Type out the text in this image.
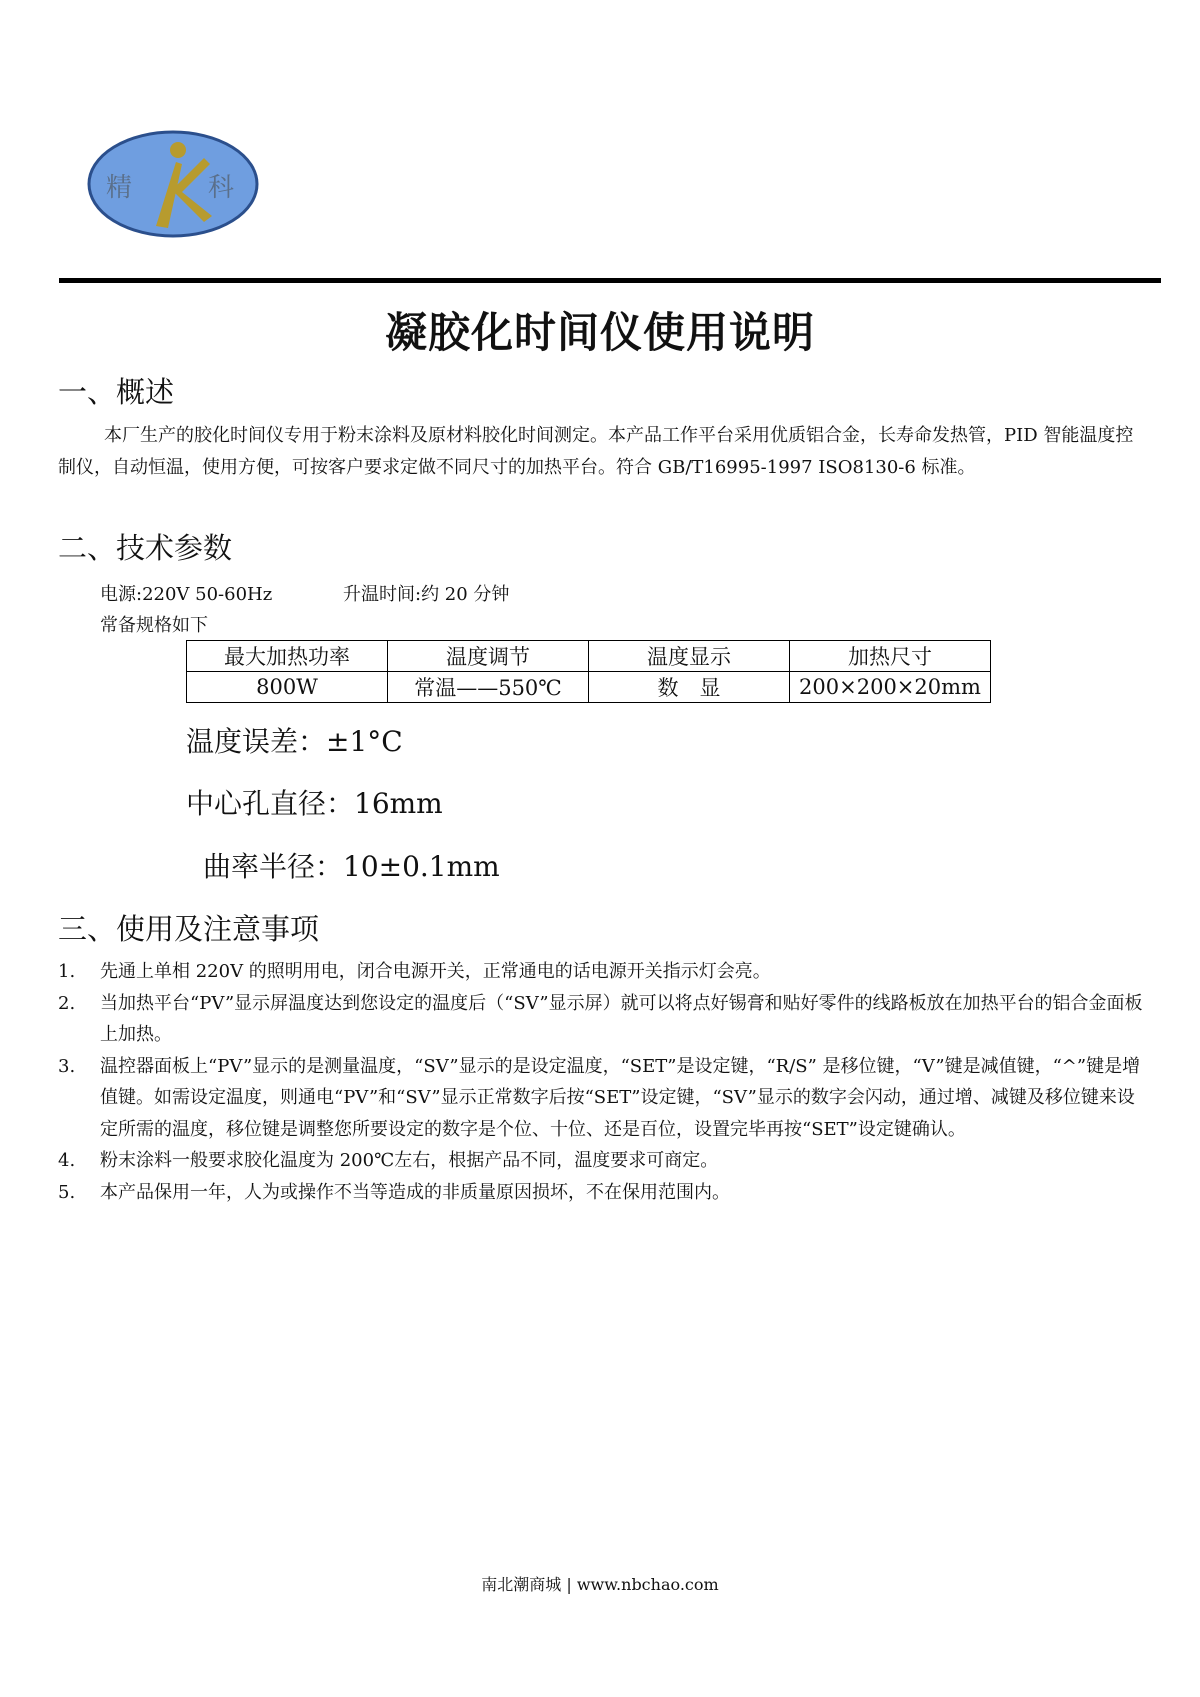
精	科
凝胶化时间仪使用说明
一、概述
本厂生产的胶化时间仪专用于粉末涂料及原材料胶化时间测定。本产品工作平台采用优质铝合金，长寿命发热管，PID 智能温度控制仪，自动恒温，使用方便，可按客户要求定做不同尺寸的加热平台。符合 GB/T16995-1997 ISO8130-6 标准。
二、技术参数
电源:220V 50-60Hz	升温时间:约 20 分钟
常备规格如下
最大加热功率	温度调节	温度显示	加热尺寸
800W	常温——550℃	数　显	200×200×20mm
温度误差：±1°C
中心孔直径：16mm
曲率半径：10±0.1mm
三、使用及注意事项
1. 先通上单相 220V 的照明用电，闭合电源开关，正常通电的话电源开关指示灯会亮。
2. 当加热平台“PV”显示屏温度达到您设定的温度后（“SV”显示屏）就可以将点好锡膏和贴好零件的线路板放在加热平台的铝合金面板上加热。
3. 温控器面板上“PV”显示的是测量温度，“SV”显示的是设定温度，“SET”是设定键，“R/S” 是移位键，“V”键是减值键，“^”键是增值键。如需设定温度，则通电“PV”和“SV”显示正常数字后按“SET”设定键，“SV”显示的数字会闪动，通过增、减键及移位键来设定所需的温度，移位键是调整您所要设定的数字是个位、十位、还是百位，设置完毕再按“SET”设定键确认。
4. 粉末涂料一般要求胶化温度为 200℃左右，根据产品不同，温度要求可商定。
5. 本产品保用一年，人为或操作不当等造成的非质量原因损坏，不在保用范围内。
南北潮商城 | www.nbchao.com
